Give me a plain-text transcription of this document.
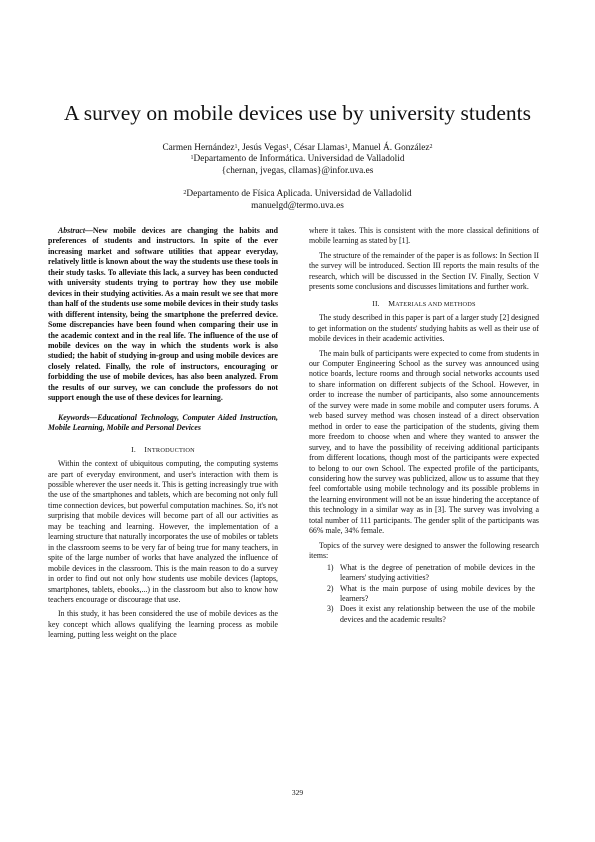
A survey on mobile devices use by university students
Carmen Hernández$^1$, Jesús Vegas$^1$, César Llamas$^1$, Manuel Á. González$^2$
$^1$Departamento de Informática. Universidad de Valladolid
{chernan, jvegas, cllamas}@infor.uva.es
$^2$Departamento de Física Aplicada. Universidad de Valladolid
manuelgd@termo.uva.es

Abstract—New mobile devices are changing the habits and preferences of students and instructors. In spite of the ever increasing market and software utilities that appear everyday, relatively little is known about the way the students use these tools in their study tasks. To alleviate this lack, a survey has been conducted with university students trying to portray how they use mobile devices in their studying activities. As a main result we see that more than half of the students use some mobile devices in their study tasks with different intensity, being the smartphone the preferred device. Some discrepancies have been found when comparing their use in the academic context and in the real life. The influence of the use of mobile devices on the way in which the students work is also studied; the habit of studying in-group and using mobile devices are closely related. Finally, the role of instructors, encouraging or forbidding the use of mobile devices, has also been analyzed. From the results of our survey, we can conclude the professors do not support enough the use of these devices for learning.

Keywords—Educational Technology, Computer Aided Instruction, Mobile Learning, Mobile and Personal Devices

I. INTRODUCTION

Within the context of ubiquitous computing, the computing systems are part of everyday environment, and user's interaction with them is possible wherever the user needs it. This is getting increasingly true with the use of the smartphones and tablets, which are becoming not only full time connection devices, but powerful computation machines. So, it's not surprising that mobile devices will become part of all our activities as may be teaching and learning. However, the implementation of a learning structure that naturally incorporates the use of mobiles or tablets in the classroom seems to be very far of being true for many teachers, in spite of the large number of works that have analyzed the influence of mobile devices in the classroom. This is the main reason to do a survey in order to find out not only how students use mobile devices (laptops, smartphones, tablets, ebooks,...) in the classroom but also to know how teachers encourage or discourage that use.

In this study, it has been considered the use of mobile devices as the key concept which allows qualifying the learning process as mobile learning, putting less weight on the place

where it takes. This is consistent with the more classical definitions of mobile learning as stated by [1].

The structure of the remainder of the paper is as follows: In Section II the survey will be introduced. Section III reports the main results of the research, which will be discussed in the Section IV. Finally, Section V presents some conclusions and discusses limitations and further work.

II. MATERIALS AND METHODS

The study described in this paper is part of a larger study [2] designed to get information on the students' studying habits as well as their use of mobile devices in their academic activities.

The main bulk of participants were expected to come from students in our Computer Engineering School as the survey was announced using notice boards, lecture rooms and through social networks accounts used to share information on different subjects of the School. However, in order to increase the number of participants, also some announcements of the survey were made in some mobile and computer users forums. A web based survey method was chosen instead of a direct observation method in order to ease the participation of the students, giving them more freedom to choose when and where they wanted to answer the survey, and to have the possibility of receiving additional participants from different locations, though most of the participants were expected to belong to our own School. The expected profile of the participants, considering how the survey was publicized, allow us to assume that they feel comfortable using mobile technology and its possible problems in the learning environment will not be an issue hindering the acceptance of this technology in a similar way as in [3]. The survey was involving a total number of 111 participants. The gender split of the participants was 66% male, 34% female.

Topics of the survey were designed to answer the following research items:

1) What is the degree of penetration of mobile devices in the learners' studying activities?
2) What is the main purpose of using mobile devices by the learners?
3) Does it exist any relationship between the use of the mobile devices and the academic results?
329
